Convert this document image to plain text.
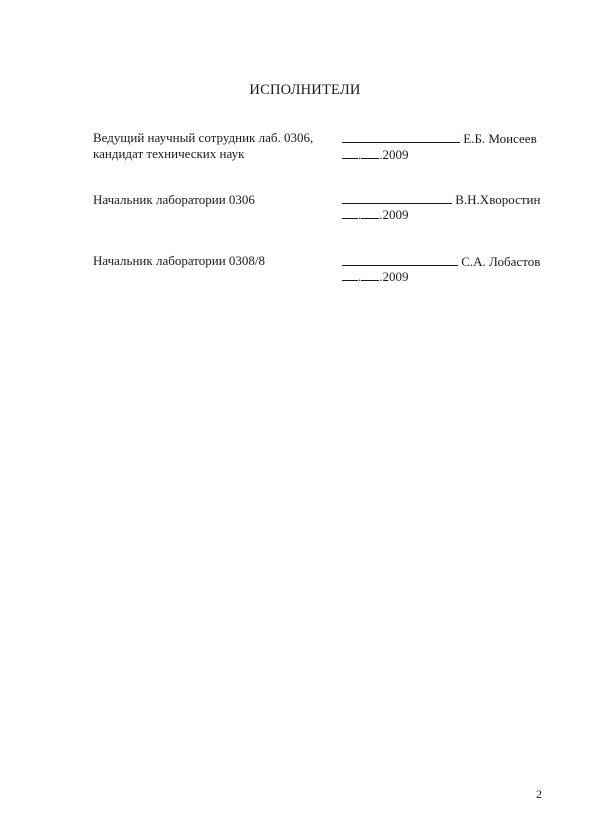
ИСПОЛНИТЕЛИ
Ведущий научный сотрудник лаб. 0306,
кандидат технических наук
Е.Б. Моисеев
. .2009
Начальник лаборатории 0306	В.Н.Хворостин
. .2009
Начальник лаборатории 0308/8	С.А. Лобастов
. .2009
2
